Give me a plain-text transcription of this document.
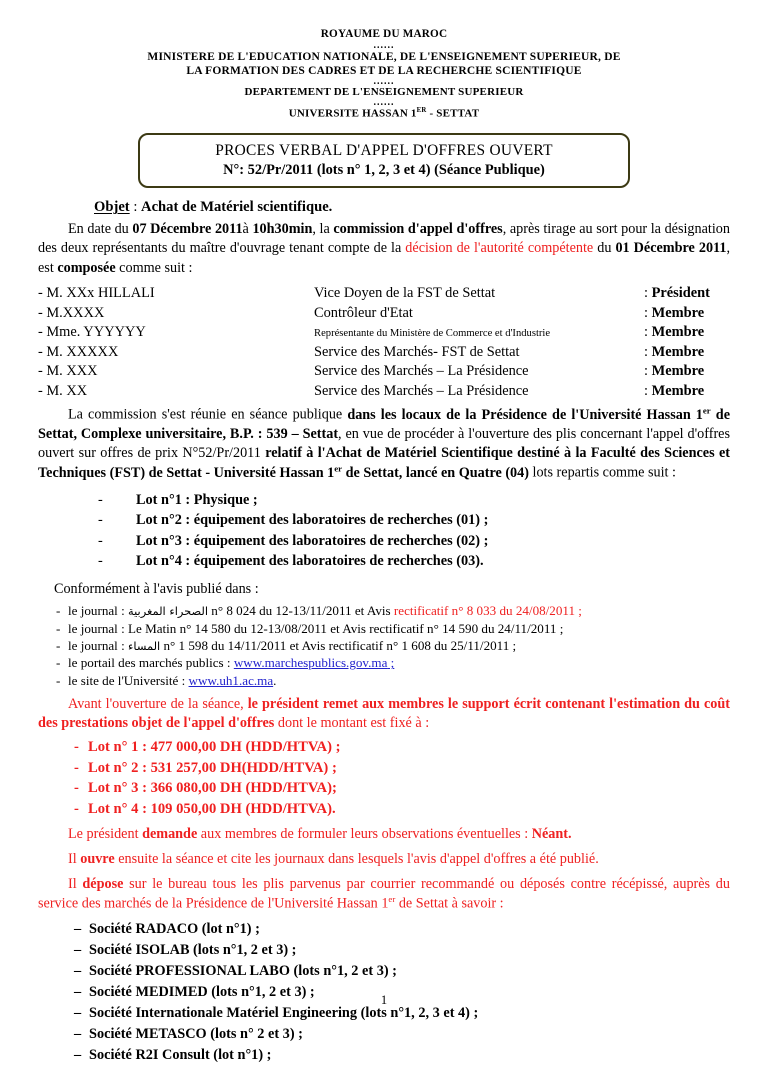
ROYAUME DU MAROC
......
MINISTERE DE L'EDUCATION NATIONALE, DE L'ENSEIGNEMENT SUPERIEUR, DE
LA FORMATION DES CADRES ET DE LA RECHERCHE SCIENTIFIQUE
......
DEPARTEMENT DE L'ENSEIGNEMENT SUPERIEUR
......
UNIVERSITE HASSAN 1ER - SETTAT
PROCES VERBAL D'APPEL D'OFFRES OUVERT
N°: 52/Pr/2011 (lots n° 1, 2, 3 et 4) (Séance Publique)
Objet : Achat de Matériel scientifique.

En date du 07 Décembre 2011à 10h30min, la commission d'appel d'offres, après tirage au sort pour la désignation des deux représentants du maître d'ouvrage tenant compte de la décision de l'autorité compétente du 01 Décembre 2011, est composée comme suit :

- M. XXx HILLALI	Vice Doyen de la FST de Settat	: Président
- M.XXXX	Contrôleur d'Etat	: Membre
- Mme. YYYYYY	Représentante du Ministère de Commerce et d'Industrie	: Membre
- M. XXXXX	Service des Marchés- FST de Settat	: Membre
- M. XXX	Service des Marchés – La Présidence	: Membre
- M. XX	Service des Marchés – La Présidence	: Membre

La commission s'est réunie en séance publique dans les locaux de la Présidence de l'Université Hassan 1er de Settat, Complexe universitaire, B.P. : 539 – Settat, en vue de procéder à l'ouverture des plis concernant l'appel d'offres ouvert sur offres de prix N°52/Pr/2011 relatif à l'Achat de Matériel Scientifique destiné à la Faculté des Sciences et Techniques (FST) de Settat - Université Hassan 1er de Settat, lancé en Quatre (04) lots repartis comme suit :

- Lot n°1 : Physique ;
- Lot n°2 : équipement des laboratoires de recherches (01) ;
- Lot n°3 : équipement des laboratoires de recherches (02) ;
- Lot n°4 : équipement des laboratoires de recherches (03).
Conformément à l'avis publié dans :
- le journal : الصحراء المغربية n° 8 024 du 12-13/11/2011 et Avis rectificatif n° 8 033 du 24/08/2011 ;
- le journal : Le Matin n° 14 580 du 12-13/08/2011 et Avis rectificatif n° 14 590 du 24/11/2011 ;
- le journal : المساء n° 1 598 du 14/11/2011 et Avis rectificatif n° 1 608 du 25/11/2011 ;
- le portail des marchés publics : www.marchespublics.gov.ma ;
- le site de l'Université : www.uh1.ac.ma.

Avant l'ouverture de la séance, le président remet aux membres le support écrit contenant l'estimation du coût des prestations objet de l'appel d'offres dont le montant est fixé à :

- Lot n° 1 : 477 000,00 DH (HDD/HTVA) ;
- Lot n° 2 : 531 257,00 DH(HDD/HTVA) ;
- Lot n° 3 : 366 080,00 DH (HDD/HTVA);
- Lot n° 4 : 109 050,00 DH (HDD/HTVA).

Le président demande aux membres de formuler leurs observations éventuelles : Néant.

Il ouvre ensuite la séance et cite les journaux dans lesquels l'avis d'appel d'offres a été publié.

Il dépose sur le bureau tous les plis parvenus par courrier recommandé ou déposés contre récépissé, auprès du service des marchés de la Présidence de l'Université Hassan 1er de Settat à savoir :

– Société RADACO (lot n°1) ;
– Société ISOLAB (lots n°1, 2 et 3) ;
– Société PROFESSIONAL LABO (lots n°1, 2 et 3) ;
– Société MEDIMED (lots n°1, 2 et 3) ;
– Société Internationale Matériel Engineering (lots n°1, 2, 3 et 4) ;
– Société METASCO (lots n° 2 et 3) ;
– Société R2I Consult (lot n°1) ;
1
